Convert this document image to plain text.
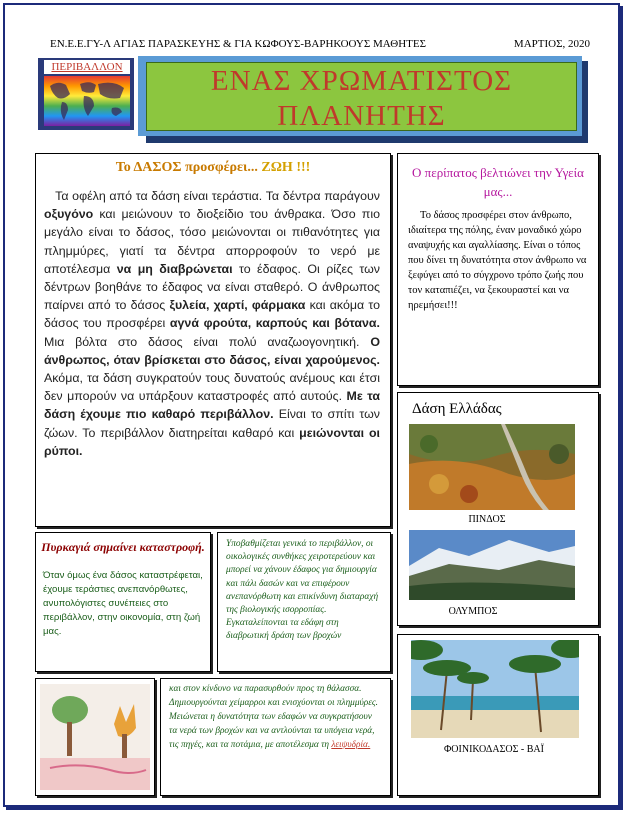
ΕΝ.Ε.Ε.ΓΥ-Λ ΑΓΙΑΣ ΠΑΡΑΣΚΕΥΗΣ & ΓΙΑ ΚΩΦΟΥΣ-ΒΑΡΗΚΟΟΥΣ ΜΑΘΗΤΕΣ	ΜΑΡΤΙΟΣ, 2020
ΠΕΡΙΒΑΛΛΟΝ	ΕΝΑΣ ΧΡΩΜΑΤΙΣΤΟΣ
ΠΛΑΝΗΤΗΣ
Το ΔΑΣΟΣ προσφέρει... ΖΩΗ !!!
Τα οφέλη από τα δάση είναι τεράστια. Τα δέντρα παράγουν οξυγόνο και μειώνουν το διοξείδιο του άνθρακα. Όσο πιο μεγάλο είναι το δάσος, τόσο μειώνονται οι πιθανότητες για πλημμύρες, γιατί τα δέντρα απορροφούν το νερό με αποτέλεσμα να μη διαβρώνεται το έδαφος. Οι ρίζες των δέντρων βοηθάνε το έδαφος να είναι σταθερό. Ο άνθρωπος παίρνει από το δάσος ξυλεία, χαρτί, φάρμακα και ακόμα το δάσος του προσφέρει αγνά φρούτα, καρπούς και βότανα. Μια βόλτα στο δάσος είναι πολύ αναζωογονητική. Ο άνθρωπος, όταν βρίσκεται στο δάσος, είναι χαρούμενος. Ακόμα, τα δάση συγκρατούν τους δυνατούς ανέμους και έτσι δεν μπορούν να υπάρξουν καταστροφές από αυτούς. Με τα δάση έχουμε πιο καθαρό περιβάλλον. Είναι το σπίτι των ζώων. Το περιβάλλον διατηρείται καθαρό και μειώνονται οι ρύποι.
Ο περίπατος βελτιώνει την Υγεία μας...
Το δάσος προσφέρει στον άνθρωπο, ιδιαίτερα της πόλης, έναν μοναδικό χώρο αναψυχής και αγαλλίασης. Είναι ο τόπος που δίνει τη δυνατότητα στον άνθρωπο να ξεφύγει από το σύγχρονο τρόπο ζωής που τον καταπιέζει, να ξεκουραστεί και να ηρεμήσει!!!
Δάση Ελλάδας
ΠΙΝΔΟΣ
ΟΛΥΜΠΟΣ
ΦΟΙΝΙΚΟΔΑΣΟΣ - ΒΑΪ
Πυρκαγιά σημαίνει καταστροφή.
Όταν όμως ένα δάσος καταστρέφεται, έχουμε τεράστιες ανεπανόρθωτες, ανυπολόγιστες συνέπειες στο περιβάλλον, στην οικονομία, στη ζωή μας.
Υποβαθμίζεται γενικά το περιβάλλον, οι οικολογικές συνθήκες χειροτερεύουν και μπορεί να χάνουν έδαφος για δημιουργία και πάλι δασών και να επιφέρουν ανεπανόρθωτη και επικίνδυνη διαταραχή της βιολογικής ισορροπίας. Εγκαταλείπονται τα εδάφη στη διαβρωτική δράση των βροχών
και στον κίνδυνο να παρασυρθούν προς τη θάλασσα. Δημιουργούνται χείμαρροι και ενισχύονται οι πλημμύρες. Μειώνεται η δυνατότητα των εδαφών να συγκρατήσουν τα νερά των βροχών και να αντλούνται τα υπόγεια νερά, τις πηγές, και τα ποτάμια, με αποτέλεσμα τη λειψυδρία.
